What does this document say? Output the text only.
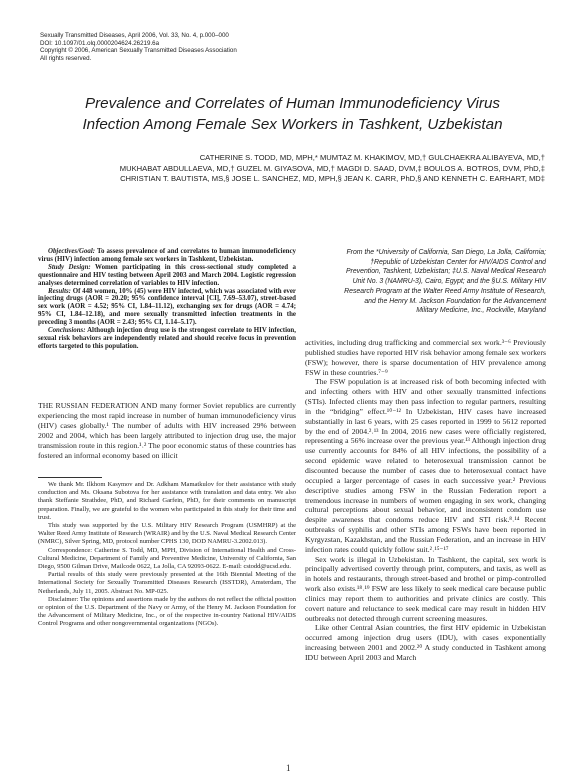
Sexually Transmitted Diseases, April 2006, Vol. 33, No. 4, p.000–000
DOI: 10.1097/01.olq.0000204624.26219.6a
Copyright © 2006, American Sexually Transmitted Diseases Association
All rights reserved.
Prevalence and Correlates of Human Immunodeficiency Virus
Infection Among Female Sex Workers in Tashkent, Uzbekistan
CATHERINE S. TODD, MD, MPH,* MUMTAZ M. KHAKIMOV, MD,† GULCHAEKRA ALIBAYEVA, MD,†
MUKHABAT ABDULLAEVA, MD,† GUZEL M. GIYASOVA, MD,† MAGDI D. SAAD, DVM,‡ BOULOS A. BOTROS, DVM, PhD,‡
CHRISTIAN T. BAUTISTA, MS,§ JOSE L. SANCHEZ, MD, MPH,§ JEAN K. CARR, PhD,§ AND KENNETH C. EARHART, MD‡

Objectives/Goal: To assess prevalence of and correlates to human immunodeficiency virus (HIV) infection among female sex workers in Tashkent, Uzbekistan.

Study Design: Women participating in this cross-sectional study completed a questionnaire and HIV testing between April 2003 and March 2004. Logistic regression analyses determined correlation of variables to HIV infection.

Results: Of 448 women, 10% (45) were HIV infected, which was associated with ever injecting drugs (AOR = 20.20; 95% confidence interval [CI], 7.69–53.07), street-based sex work (AOR = 4.52; 95% CI, 1.84–11.12), exchanging sex for drugs (AOR = 4.74; 95% CI, 1.84–12.18), and more sexually transmitted infection treatments in the preceding 3 months (AOR = 2.43; 95% CI, 1.14–5.17).

Conclusions: Although injection drug use is the strongest correlate to HIV infection, sexual risk behaviors are independently related and should receive focus in prevention efforts targeted to this population.

THE RUSSIAN FEDERATION AND many former Soviet republics are currently experiencing the most rapid increase in number of human immunodeficiency virus (HIV) cases globally.¹ The number of adults with HIV increased 29% between 2002 and 2004, which has been largely attributed to injection drug use, the major transmission route in this region.¹˒² The poor economic status of these countries has fostered an informal economy based on illicit

We thank Mr. Ilkhom Kasymov and Dr. Adkham Mamatkulov for their assistance with study conduction and Ms. Oksana Subotova for her assistance with translation and data entry. We also thank Steffanie Strathdee, PhD, and Richard Garfein, PhD, for their comments on manuscript preparation. Finally, we are grateful to the women who participated in this study for their time and trust.

This study was supported by the U.S. Military HIV Research Program (USMHRP) at the Walter Reed Army Institute of Research (WRAIR) and by the U.S. Naval Medical Research Center (NMRC), Silver Spring, MD, protocol number CPHS 130, DOD NAMRU-3.2002.013).

Correspondence: Catherine S. Todd, MD, MPH, Division of International Health and Cross-Cultural Medicine, Department of Family and Preventive Medicine, University of California, San Diego, 9500 Gilman Drive, Mailcode 0622, La Jolla, CA 92093-0622. E-mail: cstodd@ucsd.edu.

Partial results of this study were previously presented at the 16th Biennial Meeting of the International Society for Sexually Transmitted Diseases Research (ISSTDR), Amsterdam, The Netherlands, July 11, 2005. Abstract No. MP-025.

Disclaimer: The opinions and assertions made by the authors do not reflect the official position or opinion of the U.S. Department of the Navy or Army, of the Henry M. Jackson Foundation for the Advancement of Military Medicine, Inc., or of the respective in-country National HIV/AIDS Control Programs and other nongovernmental organizations (NGOs).

From the *University of California, San Diego, La Jolla, California;
†Republic of Uzbekistan Center for HIV/AIDS Control and
Prevention, Tashkent, Uzbekistan; ‡U.S. Naval Medical Research
Unit No. 3 (NAMRU-3), Cairo, Egypt; and the §U.S. Military HIV
Research Program at the Walter Reed Army Institute of Research,
and the Henry M. Jackson Foundation for the Advancement
Military Medicine, Inc., Rockville, Maryland

activities, including drug trafficking and commercial sex work.³⁻⁶ Previously published studies have reported HIV risk behavior among female sex workers (FSW); however, there is sparse documentation of HIV prevalence among FSW in these countries.⁷⁻⁹

The FSW population is at increased risk of both becoming infected with and infecting others with HIV and other sexually transmitted infections (STIs). Infected clients may then pass infection to regular partners, resulting in the “bridging” effect.¹⁰⁻¹² In Uzbekistan, HIV cases have increased substantially in last 6 years, with 25 cases reported in 1999 to 5612 reported by the end of 2004.²˒¹³ In 2004, 2016 new cases were officially registered, representing a 56% increase over the previous year.¹³ Although injection drug use currently accounts for 84% of all HIV infections, the possibility of a second epidemic wave related to heterosexual transmission cannot be discounted because the number of cases due to heterosexual contact have occupied a larger percentage of cases in each successive year.² Previous descriptive studies among FSW in the Russian Federation report a tremendous increase in numbers of women engaging in sex work, changing cultural perceptions about sexual behavior, and inconsistent condom use despite awareness that condoms reduce HIV and STI risk.⁸˒¹⁴ Recent outbreaks of syphilis and other STIs among FSWs have been reported in Kyrgyzstan, Kazakhstan, and the Russian Federation, and an increase in HIV infection rates could quickly follow suit.²˒¹⁵⁻¹⁷

Sex work is illegal in Uzbekistan. In Tashkent, the capital, sex work is principally advertised covertly through print, computers, and taxis, as well as in hotels and restaurants, through street-based and brothel or pimp-controlled work also exists.¹⁸˒¹⁹ FSW are less likely to seek medical care because public clinics may report them to authorities and private clinics are costly. This covert nature and reluctance to seek medical care may result in hidden HIV outbreaks not detected through current screening measures.

Like other Central Asian countries, the first HIV epidemic in Uzbekistan occurred among injection drug users (IDU), with cases exponentially increasing between 2001 and 2002.²⁰ A study conducted in Tashkent among IDU between April 2003 and March

1
